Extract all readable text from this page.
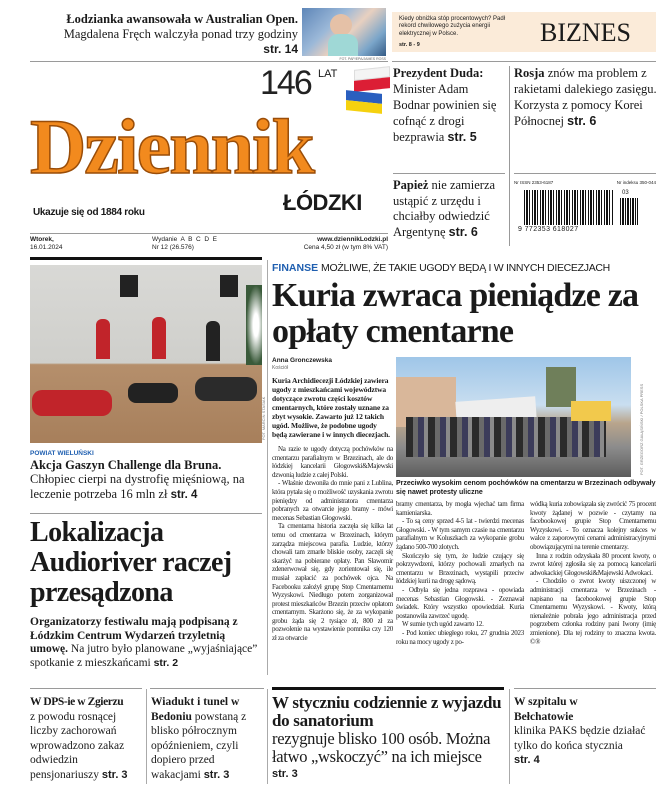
Łodzianka awansowała w Australian Open.
Magdalena Fręch walczyła ponad trzy godziny
str. 14
FOT. PAP/EPA/JAMES ROSS
Kiedy obniżka stóp procentowych? Padł rekord chwilowego zużycia energii elektrycznej w Polsce.
str. 8 - 9	BIZNES
146 LAT
Dziennik
ŁÓDZKI
Ukazuje się od 1884 roku
Wtorek,
16.01.2024
Wydanie  A  B  C  D  E
Nr 12 (26.576)
www.dziennikLodzki.pl
Cena 4,50 zł (w tym 8% VAT)
Prezydent Duda: Minister Adam Bodnar powinien się cofnąć z drogi bezprawia str. 5
Rosja znów ma problem z rakietami dalekiego zasięgu. Korzysta z pomocy Korei Północnej str. 6
Papież nie zamierza ustąpić z urzędu i chciałby odwiedzić Argentynę str. 6
Nr ISSN 2353-6187	Nr indeksu 350-044
03
9 772353 618027
FOT. MARCIN STASIAK
POWIAT WIELUŃSKI
Akcja Gaszyn Challenge dla Bruna.
Chłopiec cierpi na dystrofię mięśniową, na leczenie potrzeba 16 mln zł str. 4
Lokalizacja Audioriver raczej przesądzona
Organizatorzy festiwalu mają podpisaną z Łódzkim Centrum Wydarzeń trzyletnią umowę. Na jutro było planowane „wyjaśniające” spotkanie z mieszkańcami str. 2
FINANSE MOŻLIWE, ŻE TAKIE UGODY BĘDĄ I W INNYCH DIECEZJACH
Kuria zwraca pieniądze za opłaty cmentarne
Anna Gronczewska
Kościół
Kuria Archidiecezji Łódzkiej zawiera ugody z mieszkańcami województwa dotyczące zwrotu części kosztów cmentarnych, które zostały uznane za zbyt wysokie. Zawarto już 12 takich ugód. Możliwe, że podobne ugody będą zawierane i w innych diecezjach.

Na razie te ugody dotyczą pochówków na cmentarzu parafialnym w Brzezinach, ale do łódzkiej kancelarii Głogowski&Majewski dzwonią ludzie z całej Polski.

- Właśnie dzwoniła do mnie pani z Lublina, która pytała się o możliwość uzyskania zwrotu pieniędzy od administratora cmentarza pobranych za otwarcie jego bramy - mówi mecenas Sebastian Głogowski.

Ta cmentarna historia zaczęła się kilka lat temu od cmentarza w Brzezinach, którym zarządza miejscowa parafia. Ludzie, którzy chowali tam zmarłe bliskie osoby, zaczęli się skarżyć na pobierane opłaty. Pan Sławomir zdenerwował się, gdy zorientował się, ile musiał zapłacić za pochówek ojca. Na Facebooku założył grupę Stop Cmentarnemu Wyzyskowi. Niedługo potem zorganizował protest mieszkańców Brzezin przeciw opłatom cmentarnym. Skarżono się, że za wykopanie grobu żąda się 2 tysiące zł, 800 zł za pozwolenie na wystawienie pomnika czy 120 zł za otwarcie

FOT. GRZEGORZ GAŁĄSIŃSKI / POLSKA PRESS
Przeciwko wysokim cenom pochówków na cmentarzu w Brzezinach odbywały się nawet protesty uliczne

bramy cmentarza, by mogła wjechać tam firma kamieniarska.

- To są ceny sprzed 4-5 lat - twierdzi mecenas Głogowski. - W tym samym czasie na cmentarzu parafialnym w Koluszkach za wykopanie grobu żądano 500-700 złotych.

Skończyło się tym, że ludzie czujący się pokrzywdzeni, którzy pochowali zmarłych na cmentarzu w Brzezinach, wystąpili przeciw łódzkiej kurii na drogę sądową.

- Odbyła się jedna rozprawa - opowiada mecenas Sebastian Głogowski. - Zeznawał świadek. Który wszystko opowiedział. Kuria postanowiła zawrzeć ugodę.

W sumie tych ugód zawarto 12.

- Pod koniec ubiegłego roku, 27 grudnia 2023 roku na mocy ugody z po-

wódką kuria zobowiązała się zwrócić 75 procent kwoty żądanej w pozwie - czytamy na facebookowej grupie Stop Cmentarnemu Wyzyskowi. - To oznacza kolejny sukces w walce z zaporowymi cenami administracyjnymi obowiązującymi na terenie cmentarzy.

Inna z rodzin odzyskała 80 procent kwoty, o zwrot której zgłosiła się za pomocą kancelarii adwokackiej Głogowski&Majewski Adwokaci.

- Chodziło o zwrot kwoty uiszczonej w administracji cmentarza w Brzezinach - napisano na facebookowej grupie Stop Cmentarnemu Wyzyskowi. - Kwoty, którą nienależnie pobrała jego administracja przed pogrzebem członka rodziny pani Iwony (imię zmienione). Dla tej rodziny to znaczna kwota. ©®

W DPS-ie w Zgierzu
z powodu rosnącej liczby zachorowań wprowadzono zakaz odwiedzin pensjonariuszy str. 3
Wiadukt i tunel w Bedoniu powstaną z blisko półrocznym opóźnieniem, czyli dopiero przed wakacjami str. 3
W styczniu codziennie z wyjazdu do sanatorium
rezygnuje blisko 100 osób. Można łatwo „wskoczyć” na ich miejsce
str. 3
W szpitalu w Bełchatowie
klinika PAKS będzie działać tylko do końca stycznia
str. 4
